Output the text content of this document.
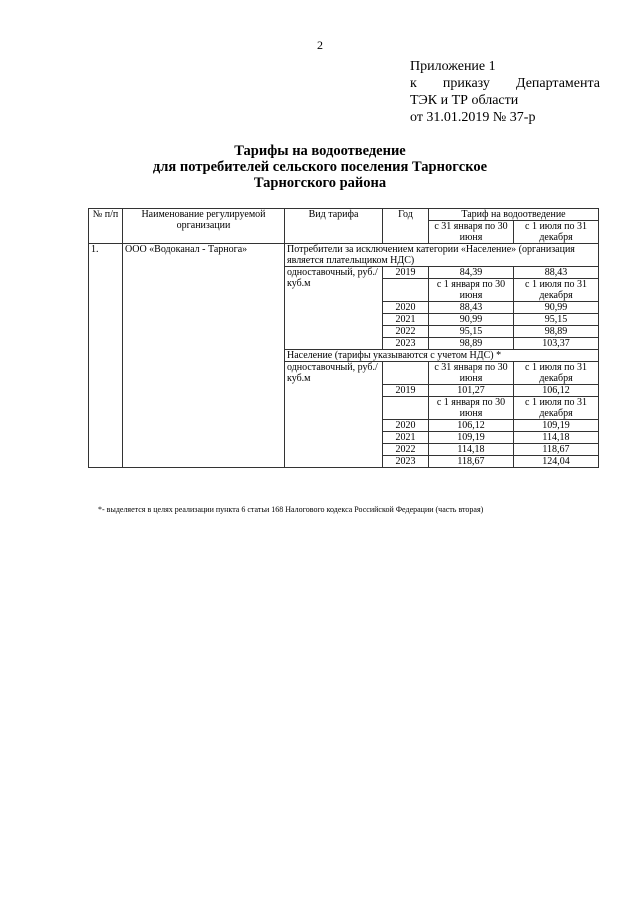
2
Приложение 1
к приказу Департамента
ТЭК и ТР области
от 31.01.2019 № 37-р
Тарифы на водоотведение
для потребителей сельского поселения Тарногское
Тарногского района
№ п/п	Наименование регулируемой организации	Вид тарифа	Год	Тариф на водоотведение	
				с 31 января по 30 июня	с 1 июля по 31 декабря
1.	ООО «Водоканал - Тарнога»	Потребители за исключением категории «Население» (организация является плательщиком НДС)			
		одноставочный, руб./куб.м	2019	84,39	88,43
				с 1 января по 30 июня	с 1 июля по 31 декабря
			2020	88,43	90,99
			2021	90,99	95,15
			2022	95,15	98,89
			2023	98,89	103,37
		Население (тарифы указываются с учетом НДС) *			
		одноставочный, руб./куб.м		с 31 января по 30 июня	с 1 июля по 31 декабря
			2019	101,27	106,12
				с 1 января по 30 июня	с 1 июля по 31 декабря
			2020	106,12	109,19
			2021	109,19	114,18
			2022	114,18	118,67
			2023	118,67	124,04
*- выделяется в целях реализации пункта 6 статьи 168 Налогового кодекса Российской Федерации (часть вторая)
